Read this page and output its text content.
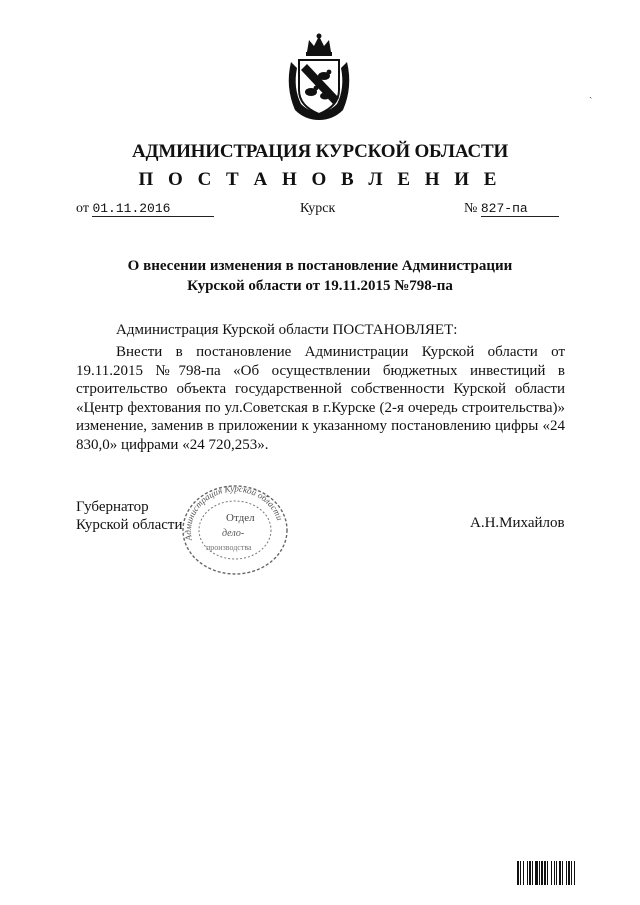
ˎ
АДМИНИСТРАЦИЯ КУРСКОЙ ОБЛАСТИ
П О С Т А Н О В Л Е Н И Е
от 01.11.2016	Курск	№ 827-па
О внесении изменения в постановление Администрации
Курской области от 19.11.2015 №798-па
Администрация Курской области ПОСТАНОВЛЯЕТ:
Внести в постановление Администрации Курской области от 19.11.2015 №798-па «Об осуществлении бюджетных инвестиций в строительство объекта государственной собственности Курской области «Центр фехтования по ул.Советская в г.Курске (2-я очередь строительства)» изменение, заменив в приложении к указанному постановлению цифры «24 830,0» цифрами «24 720,253».
Администрация Курской области
Отдел
дело-
производства
Губернатор
Курской области	А.Н.Михайлов
